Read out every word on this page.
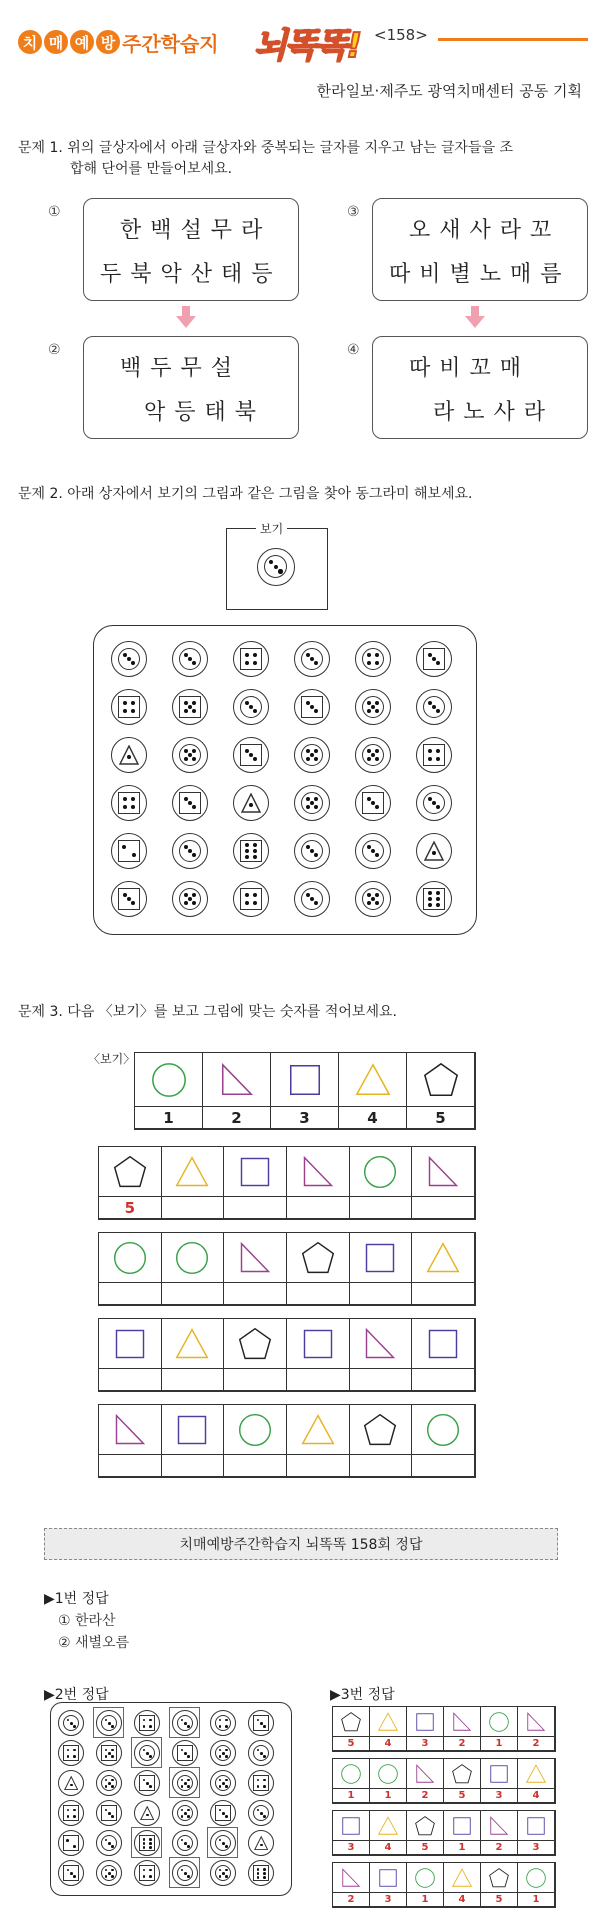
치 매 예 방 주간학습지 뇌똑똑! <158>
한라일보·제주도 광역치매센터 공동 기획
문제 1. 위의 글상자에서 아래 글상자와 중복되는 글자를 지우고 남는 글자들을 조
합해 단어를 만들어보세요.
①
한백설무라
두북악산태등
③
오새사라꼬
따비별노매름
②
백두무설
악등태북
④
따비꼬매
라노사라
문제 2. 아래 상자에서 보기의 그림과 같은 그림을 찾아 동그라미 해보세요.
보기
문제 3. 다음 〈보기〉를 보고 그림에 맞는 숫자를 적어보세요.
〈보기〉
1	2	3	4	5
5
치매예방주간학습지 뇌똑똑 158회 정답
▶1번 정답
① 한라산
② 새별오름
▶2번 정답	▶3번 정답
5	4	3	2	1	2
1	1	2	5	3	4
3	4	5	1	2	3
2	3	1	4	5	1
